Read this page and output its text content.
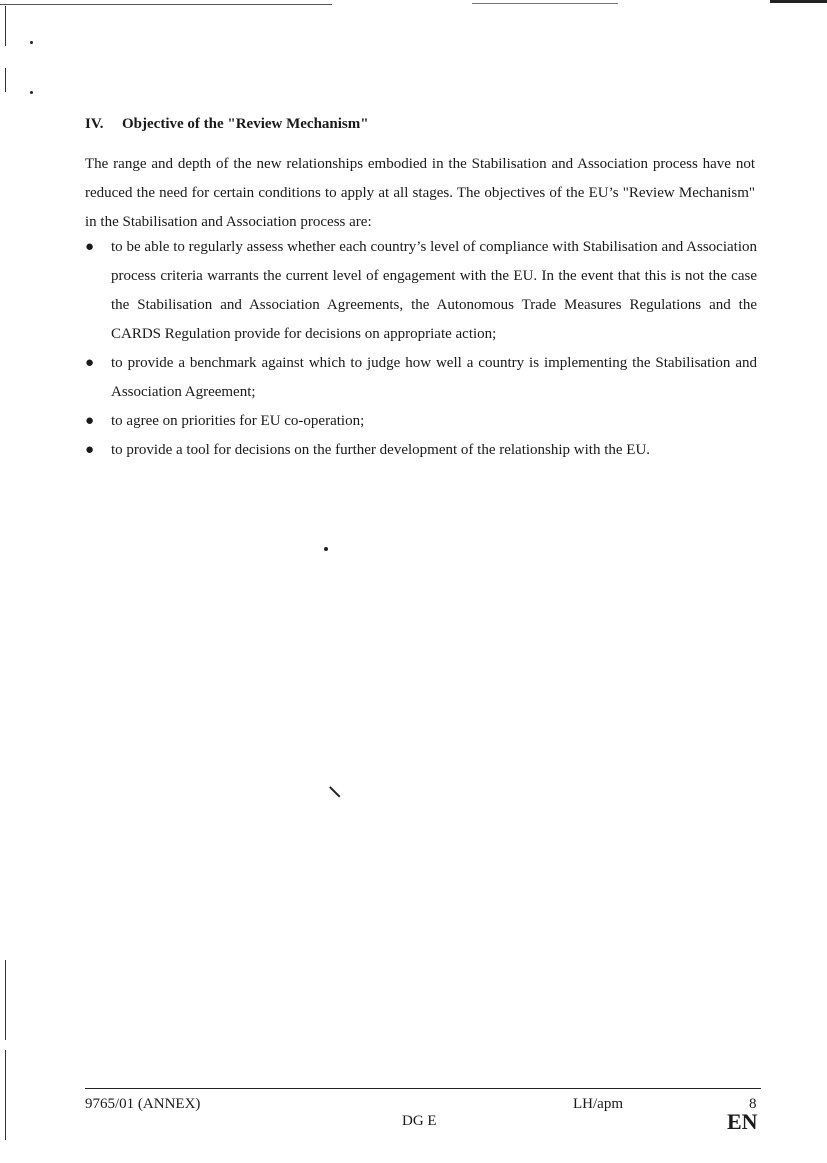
IV. Objective of the "Review Mechanism"

The range and depth of the new relationships embodied in the Stabilisation and Association process have not reduced the need for certain conditions to apply at all stages. The objectives of the EU’s "Review Mechanism" in the Stabilisation and Association process are:

● to be able to regularly assess whether each country’s level of compliance with Stabilisation and Association process criteria warrants the current level of engagement with the EU. In the event that this is not the case the Stabilisation and Association Agreements, the Autonomous Trade Measures Regulations and the CARDS Regulation provide for decisions on appropriate action;
● to provide a benchmark against which to judge how well a country is implementing the Stabilisation and Association Agreement;
● to agree on priorities for EU co-operation;
● to provide a tool for decisions on the further development of the relationship with the EU.
9765/01 (ANNEX)
DG E
LH/apm	8
EN
